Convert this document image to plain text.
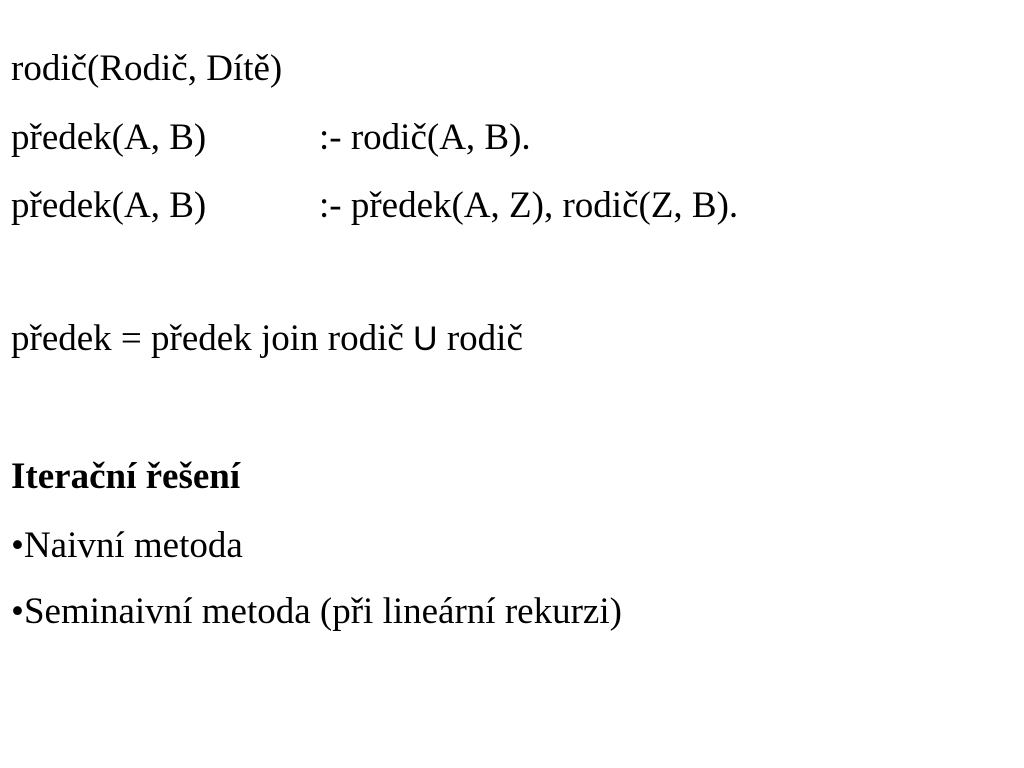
rodič(Rodič, Dítě)
předek(A, B)	:- rodič(A, B).
předek(A, B)	:- předek(A, Z), rodič(Z, B).
předek = předek join rodič U rodič
Iterační řešení
•Naivní metoda
•Seminaivní metoda (při lineární rekurzi)
